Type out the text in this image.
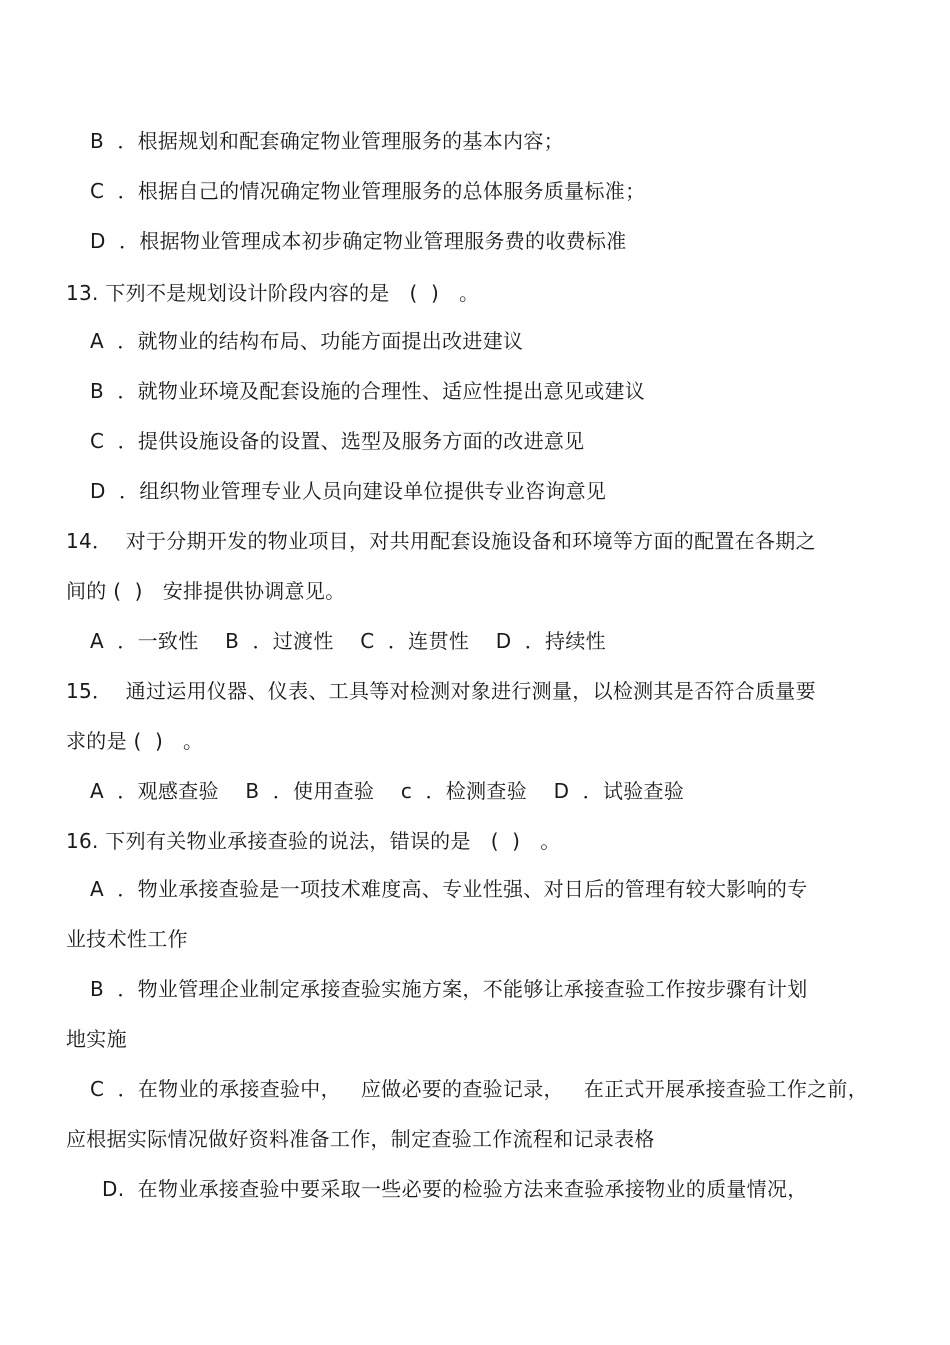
B  ．根据规划和配套确定物业管理服务的基本内容；
C  ．根据自己的情况确定物业管理服务的总体服务质量标准；
D  ．根据物业管理成本初步确定物业管理服务费的收费标准
13. 下列不是规划设计阶段内容的是   (  )   。
A  ．就物业的结构布局、功能方面提出改进建议
B  ．就物业环境及配套设施的合理性、适应性提出意见或建议
C  ．提供设施设备的设置、选型及服务方面的改进意见
D  ．组织物业管理专业人员向建设单位提供专业咨询意见
14．  对于分期开发的物业项目，对共用配套设施设备和环境等方面的配置在各期之
间的 (  )   安排提供协调意见。
A  ．一致性    B  ．过渡性    C  ．连贯性    D  ．持续性
15．  通过运用仪器、仪表、工具等对检测对象进行测量，以检测其是否符合质量要
求的是 (  )   。
A  ．观感查验    B  ．使用查验    c  ．检测查验    D  ．试验查验
16. 下列有关物业承接查验的说法，错误的是   (  )   。
A  ．物业承接查验是一项技术难度高、专业性强、对日后的管理有较大影响的专
业技术性工作
B  ．物业管理企业制定承接查验实施方案，不能够让承接查验工作按步骤有计划
地实施
C  ．在物业的承接查验中，   应做必要的查验记录，   在正式开展承接查验工作之前，
应根据实际情况做好资料准备工作，制定查验工作流程和记录表格
D.  在物业承接查验中要采取一些必要的检验方法来查验承接物业的质量情况，
